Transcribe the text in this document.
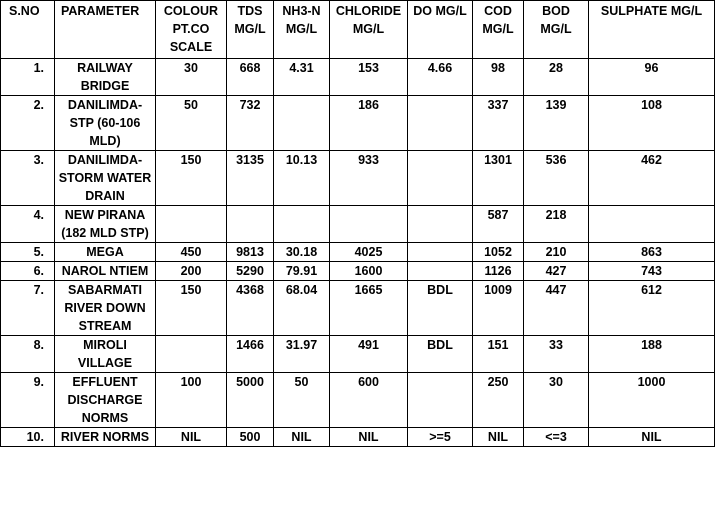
S.NO	PARAMETER	COLOUR PT.CO SCALE	TDS MG/L	NH3-N MG/L	CHLORIDE MG/L	DO MG/L	COD MG/L	BOD MG/L	SULPHATE MG/L
1.	RAILWAY BRIDGE	30	668	4.31	153	4.66	98	28	96
2.	DANILIMDA-STP (60-106 MLD)	50	732		186		337	139	108
3.	DANILIMDA-STORM WATER DRAIN	150	3135	10.13	933		1301	536	462
4.	NEW PIRANA (182 MLD STP)						587	218	
5.	MEGA	450	9813	30.18	4025		1052	210	863
6.	NAROL NTIEM	200	5290	79.91	1600		1126	427	743
7.	SABARMATI RIVER DOWN STREAM	150	4368	68.04	1665	BDL	1009	447	612
8.	MIROLI VILLAGE		1466	31.97	491	BDL	151	33	188
9.	EFFLUENT DISCHARGE NORMS	100	5000	50	600		250	30	1000
10.	RIVER NORMS	NIL	500	NIL	NIL	>=5	NIL	<=3	NIL
